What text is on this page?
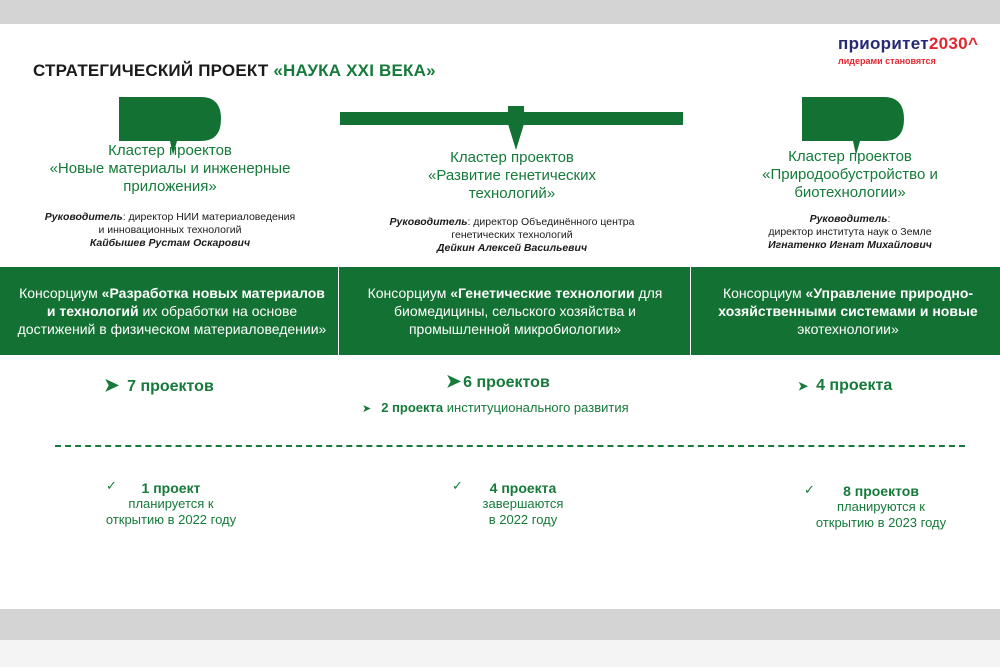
СТРАТЕГИЧЕСКИЙ ПРОЕКТ «НАУКА XXI ВЕКА»
приоритет2030^
лидерами становятся
Кластер проектов
«Новые материалы и инженерные
приложения»
Руководитель: директор НИИ материаловедения
и инновационных технологий
Кайбышев Рустам Оскарович
Кластер проектов
«Развитие генетических
технологий»
Руководитель: директор Объединённого центра
генетических технологий
Дейкин Алексей Васильевич
Кластер проектов
«Природообустройство и
биотехнологии»
Руководитель:
директор института наук о Земле
Игнатенко Игнат Михайлович
Консорциум «Разработка новых материалов и технологий их обработки на основе достижений в физическом материаловедении»
Консорциум «Генетические технологии для биомедицины, сельского хозяйства и промышленной микробиологии»
Консорциум «Управление природно-хозяйственными системами и новые экотехнологии»
➤ 7 проектов	➤ 6 проектов
➤ 2 проекта институционального развития
➤ 4 проекта
✓	1 проект
планируется к
открытию в 2022 году
✓	4 проекта
завершаются
в 2022 году
✓	8 проектов
планируются к
открытию в 2023 году
